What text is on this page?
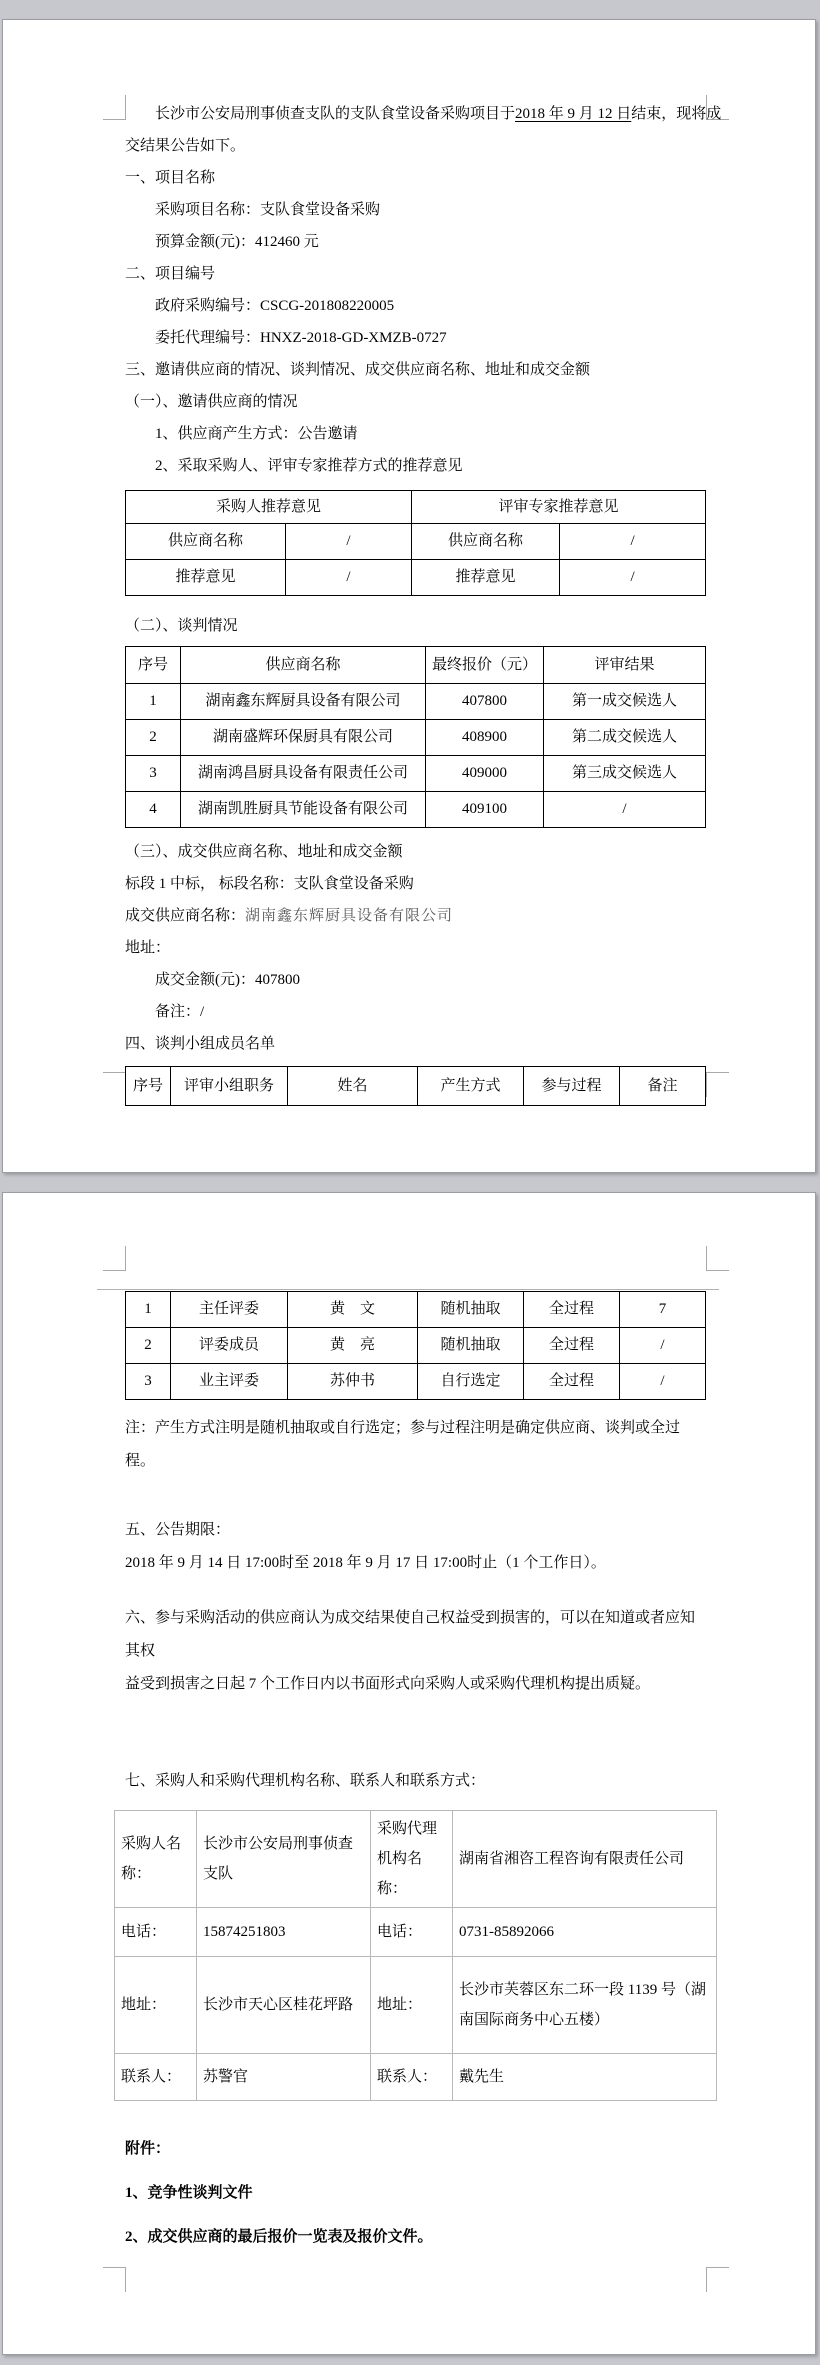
长沙市公安局刑事侦查支队的支队食堂设备采购项目于2018 年 9 月 12 日结束，现将成

交结果公告如下。

一、项目名称

采购项目名称：支队食堂设备采购

预算金额(元)：412460 元

二、项目编号

政府采购编号：CSCG-201808220005

委托代理编号：HNXZ-2018-GD-XMZB-0727

三、邀请供应商的情况、谈判情况、成交供应商名称、地址和成交金额

（一）、邀请供应商的情况

1、供应商产生方式：公告邀请

2、采取采购人、评审专家推荐方式的推荐意见

采购人推荐意见		评审专家推荐意见	
供应商名称	/	供应商名称	/
推荐意见	/	推荐意见	/

（二）、谈判情况

序号	供应商名称	最终报价（元）	评审结果
1	湖南鑫东辉厨具设备有限公司	407800	第一成交候选人
2	湖南盛辉环保厨具有限公司	408900	第二成交候选人
3	湖南鸿昌厨具设备有限责任公司	409000	第三成交候选人
4	湖南凯胜厨具节能设备有限公司	409100	/

（三）、成交供应商名称、地址和成交金额

标段 1 中标， 标段名称：支队食堂设备采购

成交供应商名称：湖南鑫东辉厨具设备有限公司

地址：

成交金额(元)：407800

备注：/

四、谈判小组成员名单

序号	评审小组职务	姓名	产生方式	参与过程	备注
1	主任评委	黄　文	随机抽取	全过程	7
2	评委成员	黄　亮	随机抽取	全过程	/
3	业主评委	苏仲书	自行选定	全过程	/

注：产生方式注明是随机抽取或自行选定；参与过程注明是确定供应商、谈判或全过程。

五、公告期限：

2018 年 9 月 14 日 17:00时至 2018 年 9 月 17 日 17:00时止（1 个工作日）。

六、参与采购活动的供应商认为成交结果使自己权益受到损害的，可以在知道或者应知其权

益受到损害之日起 7 个工作日内以书面形式向采购人或采购代理机构提出质疑。

七、采购人和采购代理机构名称、联系人和联系方式：

采购人名称：	长沙市公安局刑事侦查支队	采购代理机构名称：	湖南省湘咨工程咨询有限责任公司
电话：	15874251803	电话：	0731-85892066
地址：	长沙市天心区桂花坪路	地址：	长沙市芙蓉区东二环一段 1139 号（湖南国际商务中心五楼）
联系人：	苏警官	联系人：	戴先生

附件：

1、竞争性谈判文件

2、成交供应商的最后报价一览表及报价文件。
